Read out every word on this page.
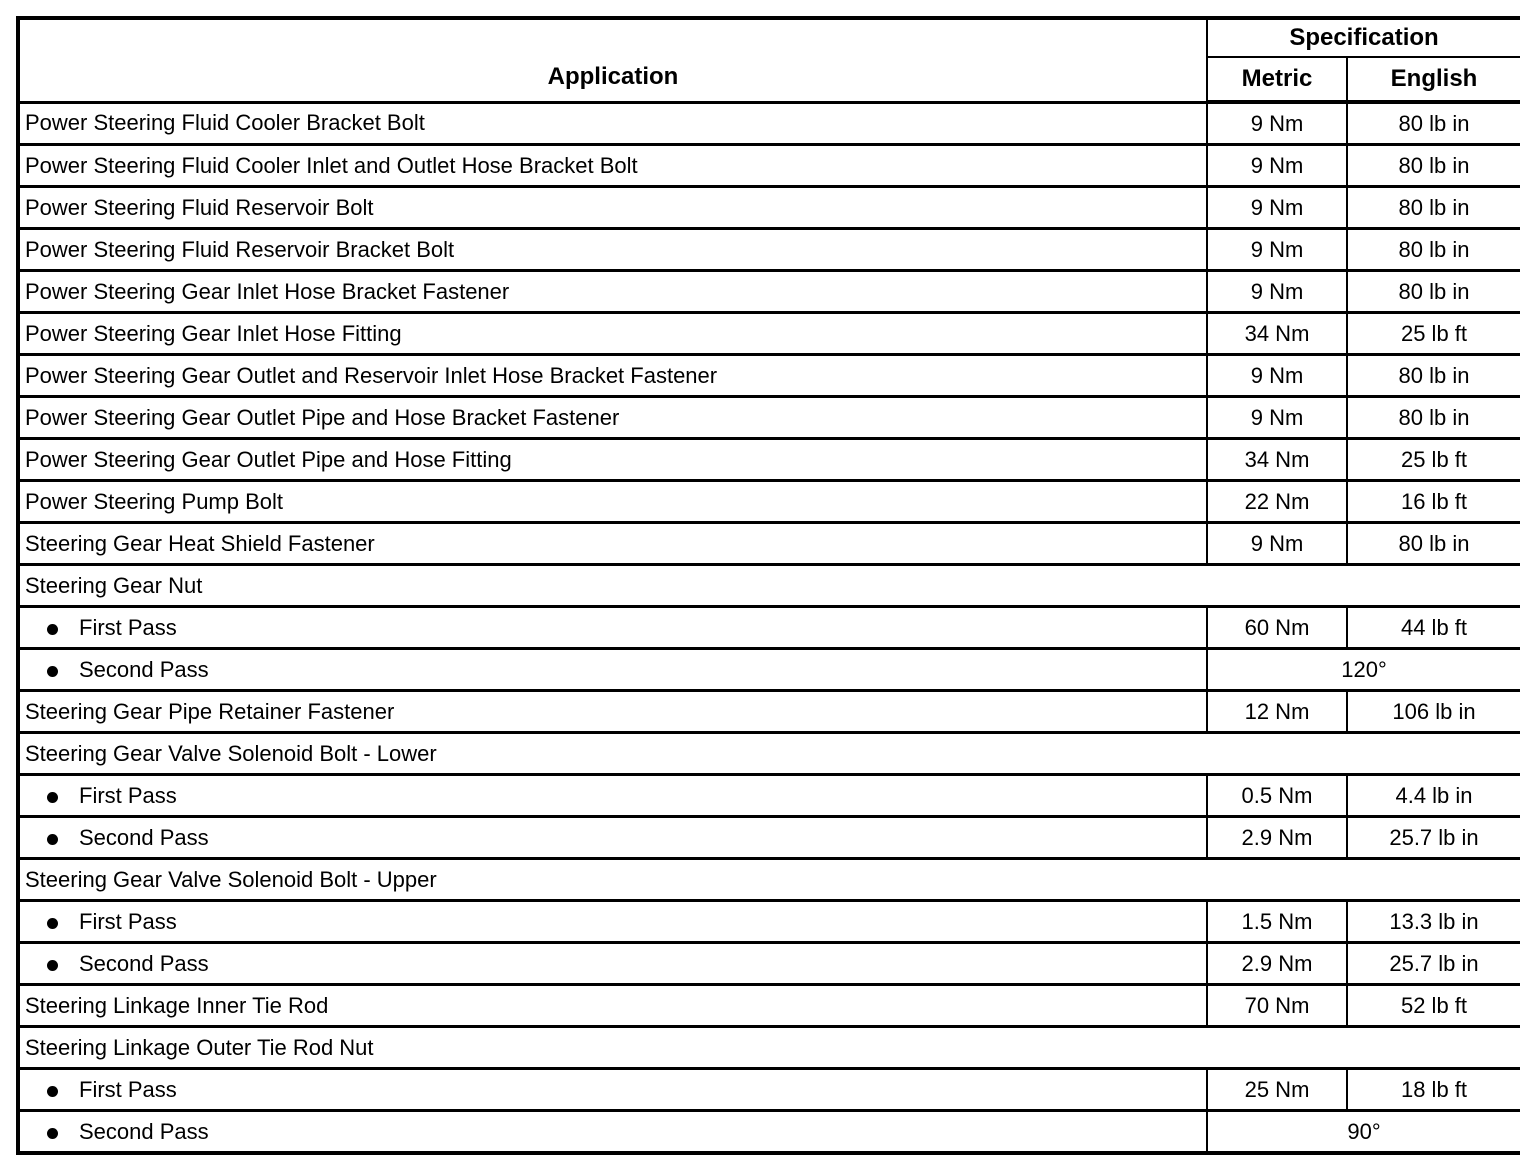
Application	Specification	
	Metric	English
Power Steering Fluid Cooler Bracket Bolt	9 Nm	80 lb in
Power Steering Fluid Cooler Inlet and Outlet Hose Bracket Bolt	9 Nm	80 lb in
Power Steering Fluid Reservoir Bolt	9 Nm	80 lb in
Power Steering Fluid Reservoir Bracket Bolt	9 Nm	80 lb in
Power Steering Gear Inlet Hose Bracket Fastener	9 Nm	80 lb in
Power Steering Gear Inlet Hose Fitting	34 Nm	25 lb ft
Power Steering Gear Outlet and Reservoir Inlet Hose Bracket Fastener	9 Nm	80 lb in
Power Steering Gear Outlet Pipe and Hose Bracket Fastener	9 Nm	80 lb in
Power Steering Gear Outlet Pipe and Hose Fitting	34 Nm	25 lb ft
Power Steering Pump Bolt	22 Nm	16 lb ft
Steering Gear Heat Shield Fastener	9 Nm	80 lb in
Steering Gear Nut		
First Pass	60 Nm	44 lb ft
Second Pass	120°	
Steering Gear Pipe Retainer Fastener	12 Nm	106 lb in
Steering Gear Valve Solenoid Bolt - Lower		
First Pass	0.5 Nm	4.4 lb in
Second Pass	2.9 Nm	25.7 lb in
Steering Gear Valve Solenoid Bolt - Upper		
First Pass	1.5 Nm	13.3 lb in
Second Pass	2.9 Nm	25.7 lb in
Steering Linkage Inner Tie Rod	70 Nm	52 lb ft
Steering Linkage Outer Tie Rod Nut		
First Pass	25 Nm	18 lb ft
Second Pass	90°	
